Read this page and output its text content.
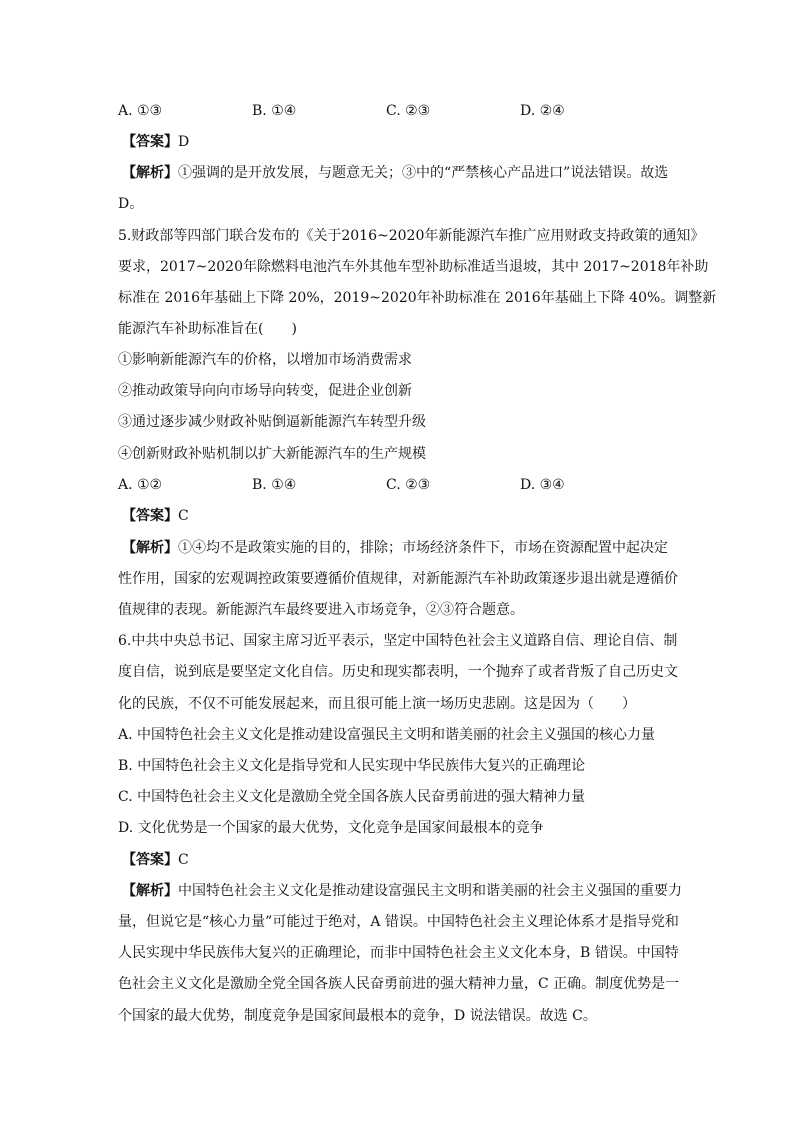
A. ①③	B. ①④	C. ②③	D. ②④
【答案】D
【解析】①强调的是开放发展，与题意无关；③中的“严禁核心产品进口”说法错误。故选
D。
5.财政部等四部门联合发布的《关于2016~2020年新能源汽车推广应用财政支持政策的通知》
要求，2017~2020年除燃料电池汽车外其他车型补助标准适当退坡，其中 2017~2018年补助
标准在 2016年基础上下降 20%，2019~2020年补助标准在 2016年基础上下降 40%。调整新
能源汽车补助标准旨在(　　)
①影响新能源汽车的价格，以增加市场消费需求
②推动政策导向向市场导向转变，促进企业创新
③通过逐步减少财政补贴倒逼新能源汽车转型升级
④创新财政补贴机制以扩大新能源汽车的生产规模
A. ①②	B. ①④	C. ②③	D. ③④
【答案】C
【解析】①④均不是政策实施的目的，排除；市场经济条件下，市场在资源配置中起决定
性作用，国家的宏观调控政策要遵循价值规律，对新能源汽车补助政策逐步退出就是遵循价
值规律的表现。新能源汽车最终要进入市场竞争，②③符合题意。
6.中共中央总书记、国家主席习近平表示，坚定中国特色社会主义道路自信、理论自信、制
度自信，说到底是要坚定文化自信。历史和现实都表明，一个抛弃了或者背叛了自己历史文
化的民族，不仅不可能发展起来，而且很可能上演一场历史悲剧。这是因为（　　）
A. 中国特色社会主义文化是推动建设富强民主文明和谐美丽的社会主义强国的核心力量
B. 中国特色社会主义文化是指导党和人民实现中华民族伟大复兴的正确理论
C. 中国特色社会主义文化是激励全党全国各族人民奋勇前进的强大精神力量
D. 文化优势是一个国家的最大优势，文化竞争是国家间最根本的竞争
【答案】C
【解析】中国特色社会主义文化是推动建设富强民主文明和谐美丽的社会主义强国的重要力
量，但说它是“核心力量”可能过于绝对，A 错误。中国特色社会主义理论体系才是指导党和
人民实现中华民族伟大复兴的正确理论，而非中国特色社会主义文化本身，B 错误。中国特
色社会主义文化是激励全党全国各族人民奋勇前进的强大精神力量，C 正确。制度优势是一
个国家的最大优势，制度竞争是国家间最根本的竞争，D 说法错误。故选 C。
